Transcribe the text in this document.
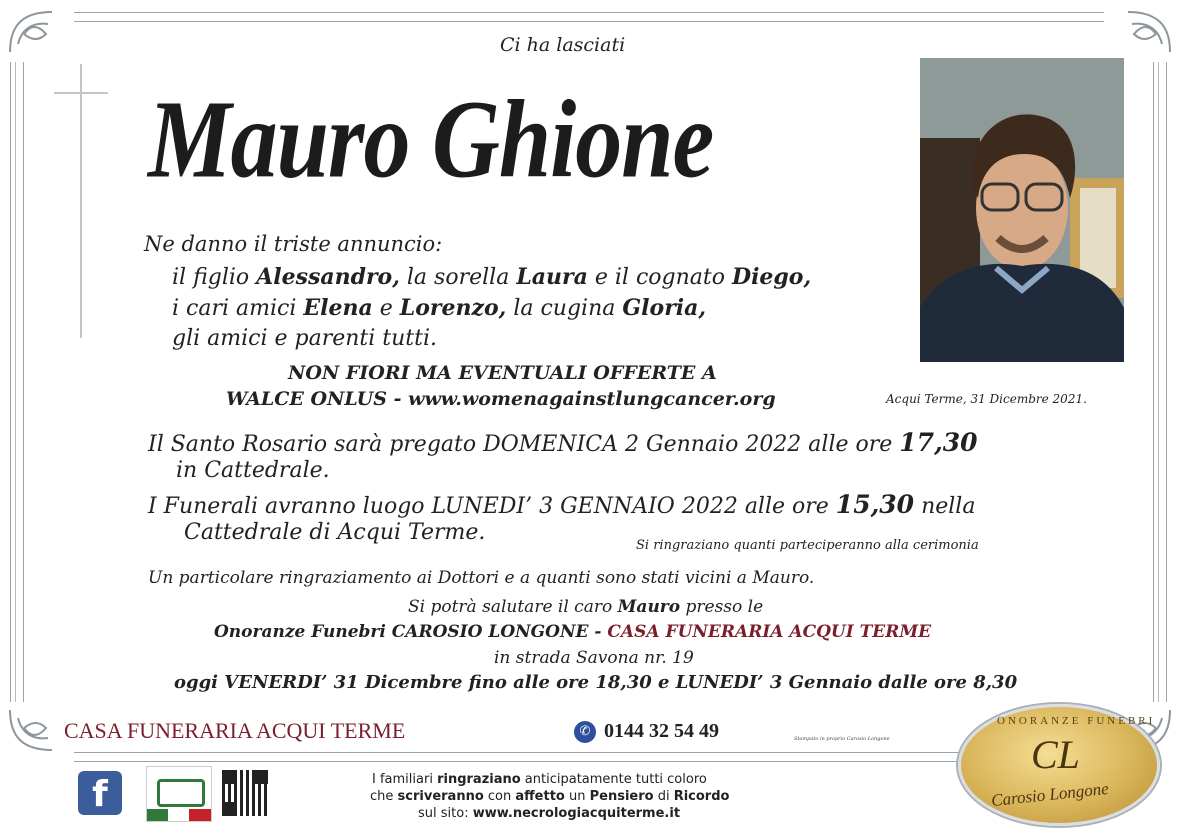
Ci ha lasciati
Mauro Ghione
Acqui Terme, 31 Dicembre 2021.
Ne danno il triste annuncio:
il figlio Alessandro, la sorella Laura e il cognato Diego,
i cari amici Elena e Lorenzo, la cugina Gloria,
gli amici e parenti tutti.
NON FIORI MA EVENTUALI OFFERTE A
WALCE ONLUS - www.womenagainstlungcancer.org
Il Santo Rosario sarà pregato DOMENICA 2 Gennaio 2022 alle ore 17,30
in Cattedrale.
I Funerali avranno luogo LUNEDI’ 3 GENNAIO 2022 alle ore 15,30 nella
Cattedrale di Acqui Terme.
Si ringraziano quanti parteciperanno alla cerimonia
Un particolare ringraziamento ai Dottori e a quanti sono stati vicini a Mauro.
Si potrà salutare il caro Mauro presso le
Onoranze Funebri CAROSIO LONGONE - CASA FUNERARIA ACQUI TERME
in strada Savona nr. 19
oggi VENERDI’ 31 Dicembre fino alle ore 18,30 e LUNEDI’ 3 Gennaio dalle ore 8,30
CASA FUNERARIA ACQUI TERME	✆ 0144 32 54 49	Stampato in proprio Carosio Longone
ONORANZE FUNEBRI
CL
Carosio Longone
f	I familiari ringraziano anticipatamente tutti coloro
che scriveranno con affetto un Pensiero di Ricordo
sul sito: www.necrologiacquiterme.it
